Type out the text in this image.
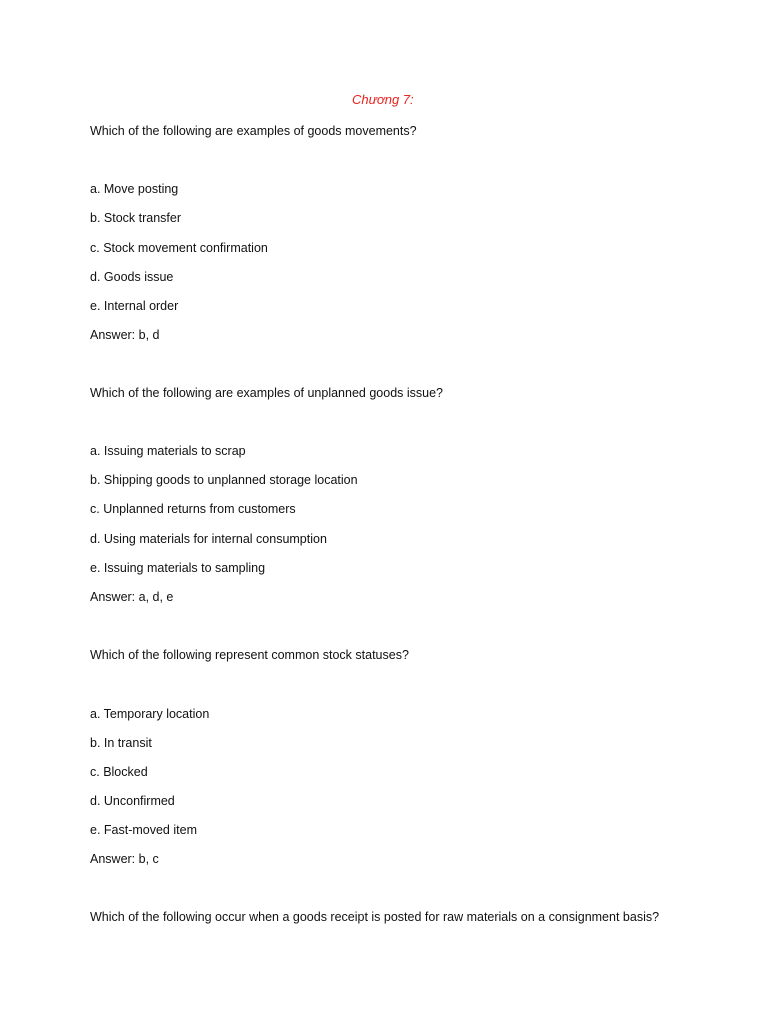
Chương 7:
Which of the following are examples of goods movements?
a. Move posting
b. Stock transfer
c. Stock movement confirmation
d. Goods issue
e. Internal order
Answer: b, d
Which of the following are examples of unplanned goods issue?
a. Issuing materials to scrap
b. Shipping goods to unplanned storage location
c. Unplanned returns from customers
d. Using materials for internal consumption
e. Issuing materials to sampling
Answer: a, d, e
Which of the following represent common stock statuses?
a. Temporary location
b. In transit
c. Blocked
d. Unconfirmed
e. Fast-moved item
Answer: b, c
Which of the following occur when a goods receipt is posted for raw materials on a consignment basis?
